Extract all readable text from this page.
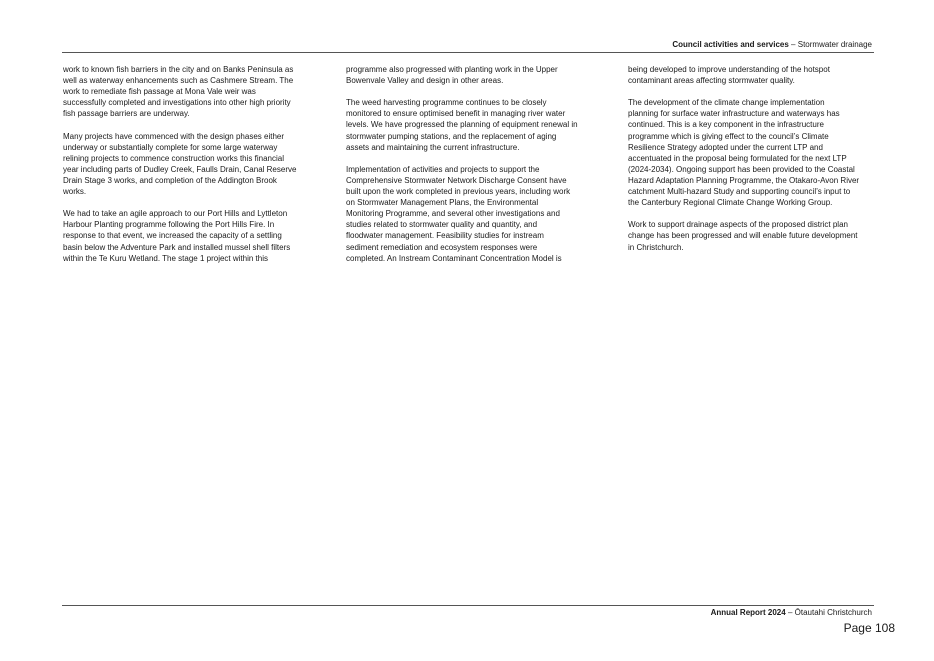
Council activities and services – Stormwater drainage

work to known fish barriers in the city and on Banks Peninsula as
well as waterway enhancements such as Cashmere Stream. The
work to remediate fish passage at Mona Vale weir was
successfully completed and investigations into other high priority
fish passage barriers are underway.

Many projects have commenced with the design phases either
underway or substantially complete for some large waterway
relining projects to commence construction works this financial
year including parts of Dudley Creek, Faulls Drain, Canal Reserve
Drain Stage 3 works, and completion of the Addington Brook
works.

We had to take an agile approach to our Port Hills and Lyttleton
Harbour Planting programme following the Port Hills Fire. In
response to that event, we increased the capacity of a settling
basin below the Adventure Park and installed mussel shell filters
within the Te Kuru Wetland. The stage 1 project within this

programme also progressed with planting work in the Upper
Bowenvale Valley and design in other areas.

The weed harvesting programme continues to be closely
monitored to ensure optimised benefit in managing river water
levels. We have progressed the planning of equipment renewal in
stormwater pumping stations, and the replacement of aging
assets and maintaining the current infrastructure.

Implementation of activities and projects to support the
Comprehensive Stormwater Network Discharge Consent have
built upon the work completed in previous years, including work
on Stormwater Management Plans, the Environmental
Monitoring Programme, and several other investigations and
studies related to stormwater quality and quantity, and
floodwater management. Feasibility studies for instream
sediment remediation and ecosystem responses were
completed. An Instream Contaminant Concentration Model is

being developed to improve understanding of the hotspot
contaminant areas affecting stormwater quality.

The development of the climate change implementation
planning for surface water infrastructure and waterways has
continued. This is a key component in the infrastructure
programme which is giving effect to the council’s Climate
Resilience Strategy adopted under the current LTP and
accentuated in the proposal being formulated for the next LTP
(2024-2034). Ongoing support has been provided to the Coastal
Hazard Adaptation Planning Programme, the Otakaro-Avon River
catchment Multi-hazard Study and supporting council’s input to
the Canterbury Regional Climate Change Working Group.

Work to support drainage aspects of the proposed district plan
change has been progressed and will enable future development
in Christchurch.

Annual Report 2024 – Ōtautahi Christchurch
Page 108
